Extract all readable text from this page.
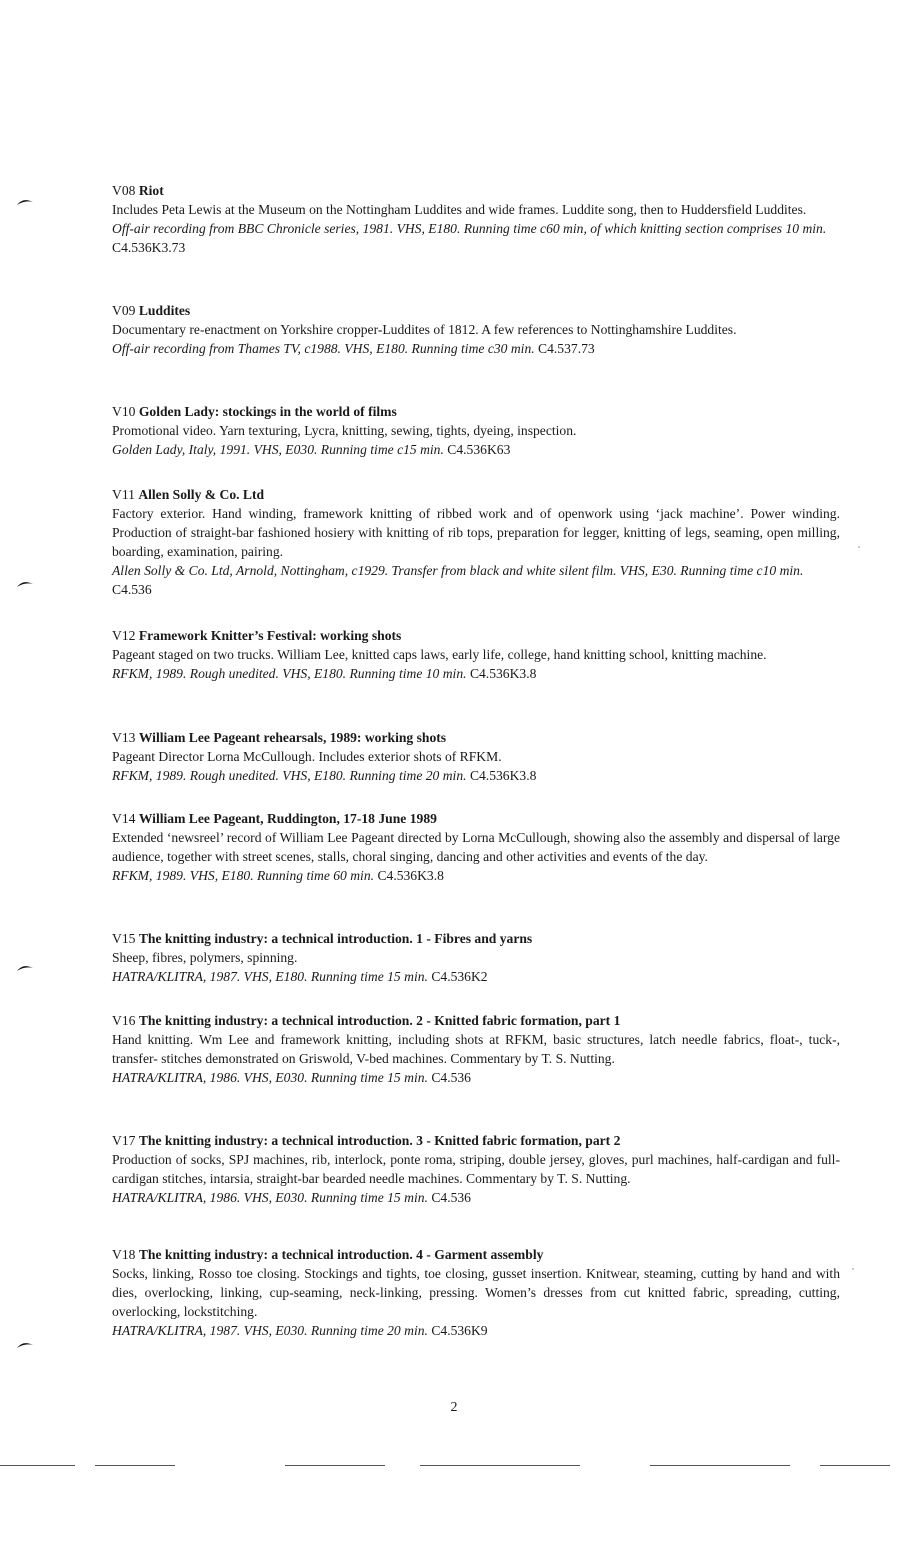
V08 Riot

Includes Peta Lewis at the Museum on the Nottingham Luddites and wide frames. Luddite song, then to Huddersfield Luddites.

Off-air recording from BBC Chronicle series, 1981. VHS, E180. Running time c60 min, of which knitting section comprises 10 min. C4.536K3.73

V09 Luddites

Documentary re-enactment on Yorkshire cropper-Luddites of 1812. A few references to Nottinghamshire Luddites.

Off-air recording from Thames TV, c1988. VHS, E180. Running time c30 min. C4.537.73

V10 Golden Lady: stockings in the world of films

Promotional video. Yarn texturing, Lycra, knitting, sewing, tights, dyeing, inspection.

Golden Lady, Italy, 1991. VHS, E030. Running time c15 min. C4.536K63

V11 Allen Solly & Co. Ltd

Factory exterior. Hand winding, framework knitting of ribbed work and of openwork using ‘jack machine’. Power winding. Production of straight-bar fashioned hosiery with knitting of rib tops, preparation for legger, knitting of legs, seaming, open milling, boarding, examination, pairing.

Allen Solly & Co. Ltd, Arnold, Nottingham, c1929. Transfer from black and white silent film. VHS, E30. Running time c10 min. C4.536

V12 Framework Knitter’s Festival: working shots

Pageant staged on two trucks. William Lee, knitted caps laws, early life, college, hand knitting school, knitting machine.

RFKM, 1989. Rough unedited. VHS, E180. Running time 10 min. C4.536K3.8

V13 William Lee Pageant rehearsals, 1989: working shots

Pageant Director Lorna McCullough. Includes exterior shots of RFKM.

RFKM, 1989. Rough unedited. VHS, E180. Running time 20 min. C4.536K3.8

V14 William Lee Pageant, Ruddington, 17-18 June 1989

Extended ‘newsreel’ record of William Lee Pageant directed by Lorna McCullough, showing also the assembly and dispersal of large audience, together with street scenes, stalls, choral singing, dancing and other activities and events of the day.

RFKM, 1989. VHS, E180. Running time 60 min. C4.536K3.8

V15 The knitting industry: a technical introduction. 1 - Fibres and yarns

Sheep, fibres, polymers, spinning.

HATRA/KLITRA, 1987. VHS, E180. Running time 15 min. C4.536K2

V16 The knitting industry: a technical introduction. 2 - Knitted fabric formation, part 1

Hand knitting. Wm Lee and framework knitting, including shots at RFKM, basic structures, latch needle fabrics, float-, tuck-, transfer- stitches demonstrated on Griswold, V-bed machines. Commentary by T. S. Nutting.

HATRA/KLITRA, 1986. VHS, E030. Running time 15 min. C4.536

V17 The knitting industry: a technical introduction. 3 - Knitted fabric formation, part 2

Production of socks, SPJ machines, rib, interlock, ponte roma, striping, double jersey, gloves, purl machines, half-cardigan and full-cardigan stitches, intarsia, straight-bar bearded needle machines. Commentary by T. S. Nutting.

HATRA/KLITRA, 1986. VHS, E030. Running time 15 min. C4.536

V18 The knitting industry: a technical introduction. 4 - Garment assembly

Socks, linking, Rosso toe closing. Stockings and tights, toe closing, gusset insertion. Knitwear, steaming, cutting by hand and with dies, overlocking, linking, cup-seaming, neck-linking, pressing. Women’s dresses from cut knitted fabric, spreading, cutting, overlocking, lockstitching.

HATRA/KLITRA, 1987. VHS, E030. Running time 20 min. C4.536K9

2
